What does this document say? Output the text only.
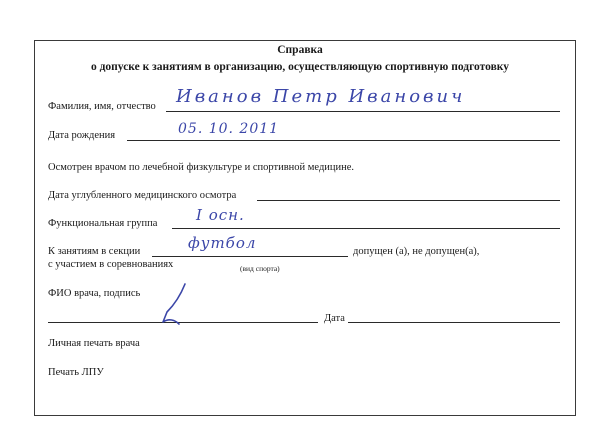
Справка
о допуске к занятиям в организацию, осуществляющую спортивную подготовку
Фамилия, имя, отчество Иванов Петр Иванович
Дата рождения	05. 10. 2011
Осмотрен врачом по лечебной физкультуре и спортивной медицине.
Дата углубленного медицинского осмотра
Функциональная группа	I осн.
К занятиям в секции	футбол	допущен (а), не допущен(а),
с участием в соревнованиях	(вид спорта)
ФИО врача, подпись
Дата
Личная печать врача
Печать ЛПУ
